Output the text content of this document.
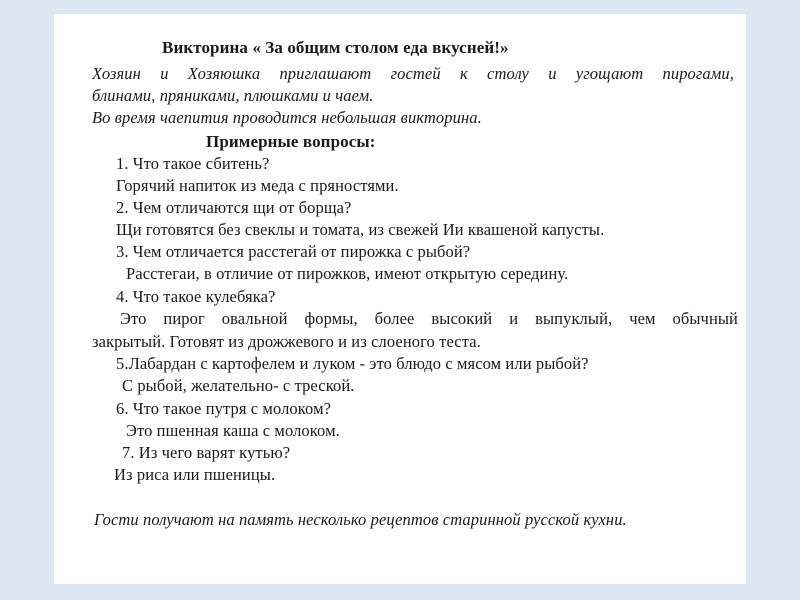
Викторина « За общим столом еда вкусней!»
Хозяин и Хозяюшка приглашают гостей к столу и угощают пирогами,
блинами, пряниками, плюшками и чаем.
Во время чаепития проводится небольшая викторина.
Примерные вопросы:
1. Что такое сбитень?
Горячий напиток из меда с пряностями.
2. Чем отличаются щи от борща?
Щи готовятся без свеклы и томата, из свежей Ии квашеной капусты.
3. Чем отличается расстегай от пирожка с рыбой?
Расстегаи, в отличие от пирожков, имеют открытую середину.
4. Что такое кулебяка?
Это пирог овальной формы, более высокий и выпуклый, чем обычный
закрытый. Готовят из дрожжевого и из слоеного теста.
5.Лабардан с картофелем и луком - это блюдо с мясом или рыбой?
С рыбой, желательно- с треской.
6. Что такое путря с молоком?
Это пшенная каша с молоком.
7. Из чего варят кутью?
Из риса или пшеницы.
Гости получают на память несколько рецептов старинной русской кухни.
